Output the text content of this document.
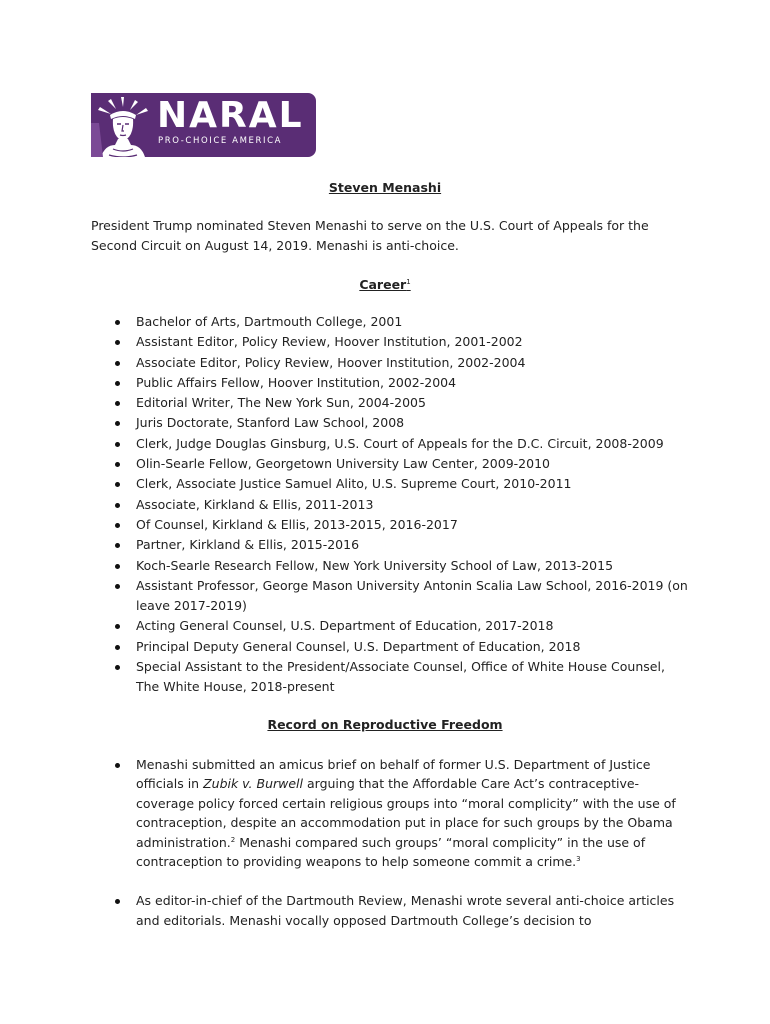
NARAL
PRO-CHOICE AMERICA
Steven Menashi
President Trump nominated Steven Menashi to serve on the U.S. Court of Appeals for the Second Circuit on August 14, 2019. Menashi is anti-choice.
Career$^1$
Bachelor of Arts, Dartmouth College, 2001
Assistant Editor, Policy Review, Hoover Institution, 2001-2002
Associate Editor, Policy Review, Hoover Institution, 2002-2004
Public Affairs Fellow, Hoover Institution, 2002-2004
Editorial Writer, The New York Sun, 2004-2005
Juris Doctorate, Stanford Law School, 2008
Clerk, Judge Douglas Ginsburg, U.S. Court of Appeals for the D.C. Circuit, 2008-2009
Olin-Searle Fellow, Georgetown University Law Center, 2009-2010
Clerk, Associate Justice Samuel Alito, U.S. Supreme Court, 2010-2011
Associate, Kirkland & Ellis, 2011-2013
Of Counsel, Kirkland & Ellis, 2013-2015, 2016-2017
Partner, Kirkland & Ellis, 2015-2016
Koch-Searle Research Fellow, New York University School of Law, 2013-2015
Assistant Professor, George Mason University Antonin Scalia Law School, 2016-2019 (on leave 2017-2019)
Acting General Counsel, U.S. Department of Education, 2017-2018
Principal Deputy General Counsel, U.S. Department of Education, 2018
Special Assistant to the President/Associate Counsel, Office of White House Counsel, The White House, 2018-present
Record on Reproductive Freedom
Menashi submitted an amicus brief on behalf of former U.S. Department of Justice officials in Zubik v. Burwell arguing that the Affordable Care Act’s contraceptive-coverage policy forced certain religious groups into “moral complicity” with the use of contraception, despite an accommodation put in place for such groups by the Obama administration.$^2$ Menashi compared such groups’ “moral complicity” in the use of contraception to providing weapons to help someone commit a crime.$^3$
As editor-in-chief of the Dartmouth Review, Menashi wrote several anti-choice articles and editorials. Menashi vocally opposed Dartmouth College’s decision to
